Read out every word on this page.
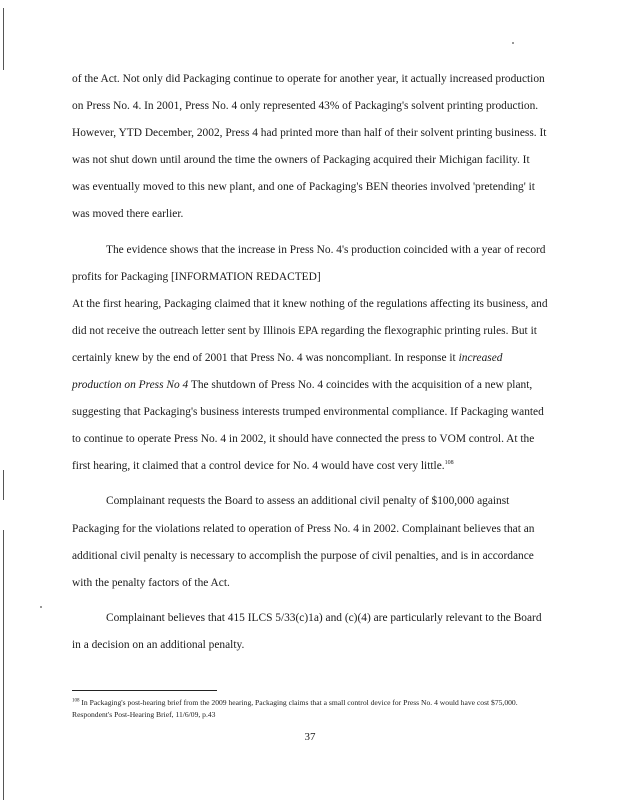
of the Act. Not only did Packaging continue to operate for another year, it actually increased production on Press No. 4. In 2001, Press No. 4 only represented 43% of Packaging's solvent printing production. However, YTD December, 2002, Press 4 had printed more than half of their solvent printing business. It was not shut down until around the time the owners of Packaging acquired their Michigan facility. It was eventually moved to this new plant, and one of Packaging's BEN theories involved 'pretending' it was moved there earlier.

The evidence shows that the increase in Press No. 4's production coincided with a year of record profits for Packaging [INFORMATION REDACTED]

At the first hearing, Packaging claimed that it knew nothing of the regulations affecting its business, and did not receive the outreach letter sent by Illinois EPA regarding the flexographic printing rules. But it certainly knew by the end of 2001 that Press No. 4 was noncompliant. In response it increased production on Press No 4 The shutdown of Press No. 4 coincides with the acquisition of a new plant, suggesting that Packaging's business interests trumped environmental compliance. If Packaging wanted to continue to operate Press No. 4 in 2002, it should have connected the press to VOM control. At the first hearing, it claimed that a control device for No. 4 would have cost very little.$^{108}$

Complainant requests the Board to assess an additional civil penalty of $100,000 against Packaging for the violations related to operation of Press No. 4 in 2002. Complainant believes that an additional civil penalty is necessary to accomplish the purpose of civil penalties, and is in accordance with the penalty factors of the Act.

Complainant believes that 415 ILCS 5/33(c)1a) and (c)(4) are particularly relevant to the Board in a decision on an additional penalty.

$^{108}$ In Packaging's post-hearing brief from the 2009 hearing, Packaging claims that a small control device for Press No. 4 would have cost $75,000. Respondent's Post-Hearing Brief, 11/6/09, p.43
37
